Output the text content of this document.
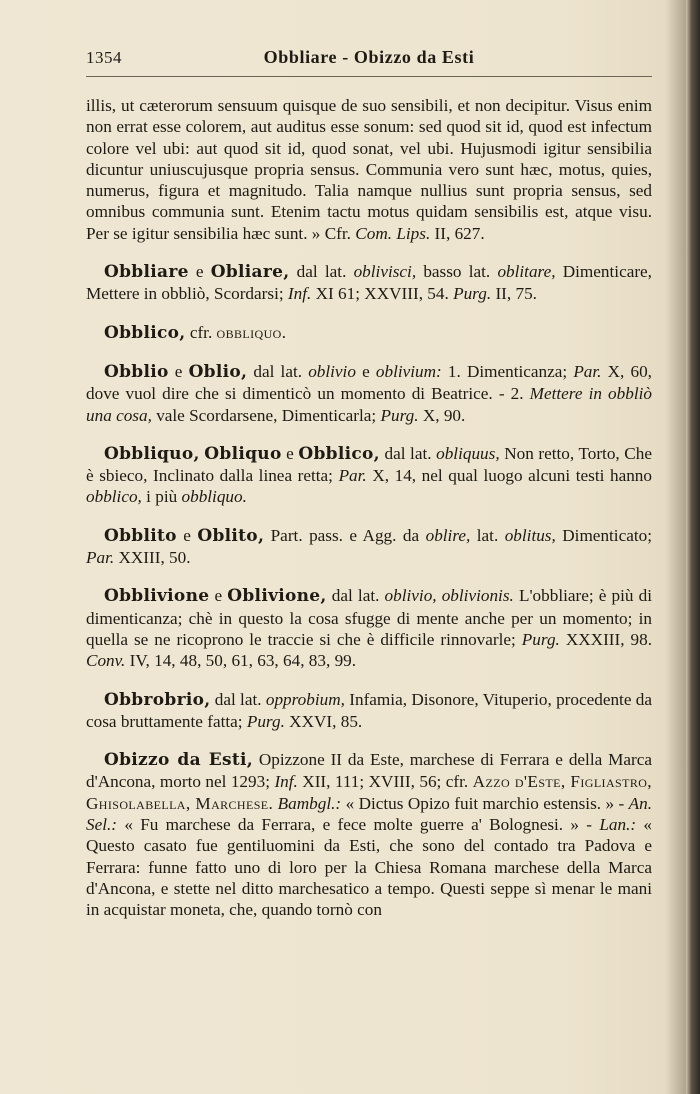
1354	Obbliare - Obizzo da Esti

illis, ut cæterorum sensuum quisque de suo sensibili, et non decipitur. Visus enim non errat esse colorem, aut auditus esse sonum: sed quod sit id, quod est infectum colore vel ubi: aut quod sit id, quod sonat, vel ubi. Hujusmodi igitur sensibilia dicuntur uniuscujusque propria sensus. Communia vero sunt hæc, motus, quies, numerus, figura et magnitudo. Talia namque nullius sunt propria sensus, sed omnibus communia sunt. Etenim tactu motus quidam sensibilis est, atque visu. Per se igitur sensibilia hæc sunt. » Cfr. Com. Lips. II, 627.

Obbliare e Obliare, dal lat. oblivisci, basso lat. oblitare, Dimenticare, Mettere in obbliò, Scordarsi; Inf. XI 61; XXVIII, 54. Purg. II, 75.

Obblico, cfr. obbliquo.

Obblio e Oblio, dal lat. oblivio e oblivium: 1. Dimenticanza; Par. X, 60, dove vuol dire che si dimenticò un momento di Beatrice. - 2. Mettere in obbliò una cosa, vale Scordarsene, Dimenticarla; Purg. X, 90.

Obbliquo, Obliquo e Obblico, dal lat. obliquus, Non retto, Torto, Che è sbieco, Inclinato dalla linea retta; Par. X, 14, nel qual luogo alcuni testi hanno obblico, i più obbliquo.

Obblito e Oblito, Part. pass. e Agg. da oblire, lat. oblitus, Dimenticato; Par. XXIII, 50.

Obblivione e Oblivione, dal lat. oblivio, oblivionis. L'obbliare; è più di dimenticanza; chè in questo la cosa sfugge di mente anche per un momento; in quella se ne ricoprono le traccie si che è difficile rinnovarle; Purg. XXXIII, 98. Conv. IV, 14, 48, 50, 61, 63, 64, 83, 99.

Obbrobrio, dal lat. opprobium, Infamia, Disonore, Vituperio, procedente da cosa bruttamente fatta; Purg. XXVI, 85.

Obizzo da Esti, Opizzone II da Este, marchese di Ferrara e della Marca d'Ancona, morto nel 1293; Inf. XII, 111; XVIII, 56; cfr. Azzo d'Este, Figliastro, Ghisolabella, Marchese. Bambgl.: « Dictus Opizo fuit marchio estensis. » - An. Sel.: « Fu marchese da Ferrara, e fece molte guerre a' Bolognesi. » - Lan.: « Questo casato fue gentiluomini da Esti, che sono del contado tra Padova e Ferrara: funne fatto uno di loro per la Chiesa Romana marchese della Marca d'Ancona, e stette nel ditto marchesatico a tempo. Questi seppe sì menar le mani in acquistar moneta, che, quando tornò con
